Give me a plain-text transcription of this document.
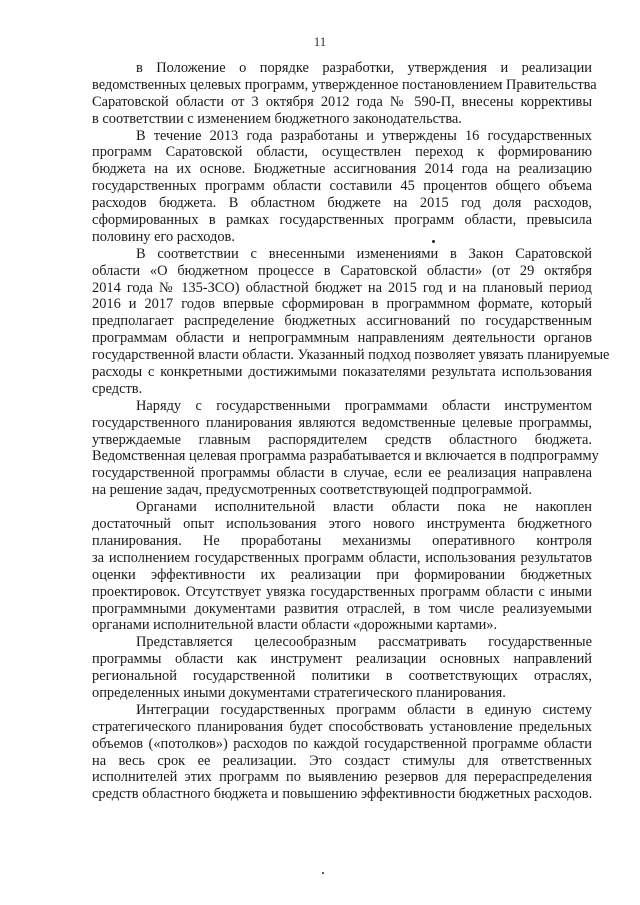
11
в Положение о порядке разработки, утверждения и реализации
ведомственных целевых программ, утвержденное постановлением Правительства
Саратовской области от 3 октября 2012 года № 590-П, внесены коррективы
в соответствии с изменением бюджетного законодательства.
В течение 2013 года разработаны и утверждены 16 государственных
программ Саратовской области, осуществлен переход к формированию
бюджета на их основе. Бюджетные ассигнования 2014 года на реализацию
государственных программ области составили 45 процентов общего объема
расходов бюджета. В областном бюджете на 2015 год доля расходов,
сформированных в рамках государственных программ области, превысила
половину его расходов.
В соответствии с внесенными изменениями в Закон Саратовской
области «О бюджетном процессе в Саратовской области» (от 29 октября
2014 года № 135-ЗСО) областной бюджет на 2015 год и на плановый период
2016 и 2017 годов впервые сформирован в программном формате, который
предполагает распределение бюджетных ассигнований по государственным
программам области и непрограммным направлениям деятельности органов
государственной власти области. Указанный подход позволяет увязать планируемые
расходы с конкретными достижимыми показателями результата использования
средств.
Наряду с государственными программами области инструментом
государственного планирования являются ведомственные целевые программы,
утверждаемые главным распорядителем средств областного бюджета.
Ведомственная целевая программа разрабатывается и включается в подпрограмму
государственной программы области в случае, если ее реализация направлена
на решение задач, предусмотренных соответствующей подпрограммой.
Органами исполнительной власти области пока не накоплен
достаточный опыт использования этого нового инструмента бюджетного
планирования. Не проработаны механизмы оперативного контроля
за исполнением государственных программ области, использования результатов
оценки эффективности их реализации при формировании бюджетных
проектировок. Отсутствует увязка государственных программ области с иными
программными документами развития отраслей, в том числе реализуемыми
органами исполнительной власти области «дорожными картами».
Представляется целесообразным рассматривать государственные
программы области как инструмент реализации основных направлений
региональной государственной политики в соответствующих отраслях,
определенных иными документами стратегического планирования.
Интеграции государственных программ области в единую систему
стратегического планирования будет способствовать установление предельных
объемов («потолков») расходов по каждой государственной программе области
на весь срок ее реализации. Это создаст стимулы для ответственных
исполнителей этих программ по выявлению резервов для перераспределения
средств областного бюджета и повышению эффективности бюджетных расходов.
